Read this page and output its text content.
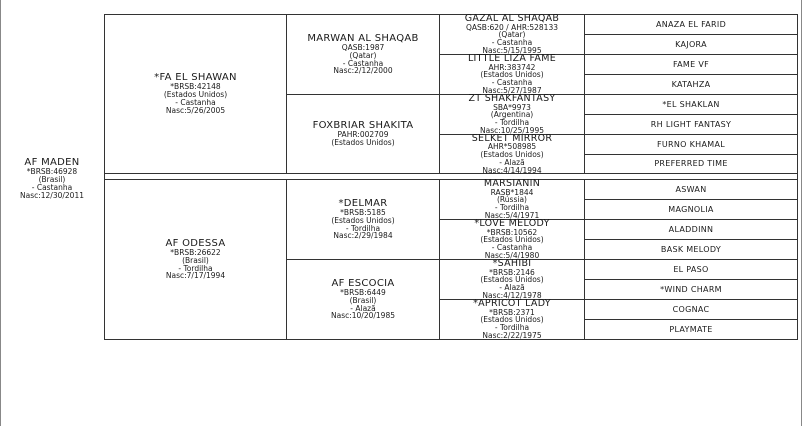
AF MADEN
*BRSB:46928
(Brasil)
- Castanha
Nasc:12/30/2011
*FA EL SHAWAN
*BRSB:42148
(Estados Unidos)
- Castanha
Nasc:5/26/2005
AF ODESSA
*BRSB:26622
(Brasil)
- Tordilha
Nasc:7/17/1994
MARWAN AL SHAQAB
QASB:1987
(Qatar)
- Castanha
Nasc:2/12/2000
FOXBRIAR SHAKITA
PAHR:002709
(Estados Unidos)
*DELMAR
*BRSB:5185
(Estados Unidos)
- Tordilha
Nasc:2/29/1984
AF ESCOCIA
*BRSB:6449
(Brasil)
- Alazã
Nasc:10/20/1985
GAZAL AL SHAQAB
QASB:620 / AHR:528133
(Qatar)
- Castanha
Nasc:5/15/1995
LITTLE LIZA FAME
AHR:383742
(Estados Unidos)
- Castanha
Nasc:5/27/1987
ZT SHAKFANTASY
SBA*9973
(Argentina)
- Tordilha
Nasc:10/25/1995
SELKET MIRROR
AHR*508985
(Estados Unidos)
- Alazã
Nasc:4/14/1994
MARSIANIN
RASB*1844
(Rússia)
- Tordilha
Nasc:5/4/1971
*LOVE MELODY
*BRSB:10562
(Estados Unidos)
- Castanha
Nasc:5/4/1980
*SAHIBI
*BRSB:2146
(Estados Unidos)
- Alazã
Nasc:4/12/1978
*APRICOT LADY
*BRSB:2371
(Estados Unidos)
- Tordilha
Nasc:2/22/1975
ANAZA EL FARID
KAJORA
FAME VF
KATAHZA
*EL SHAKLAN
RH LIGHT FANTASY
FURNO KHAMAL
PREFERRED TIME
ASWAN
MAGNOLIA
ALADDINN
BASK MELODY
EL PASO
*WIND CHARM
COGNAC
PLAYMATE
